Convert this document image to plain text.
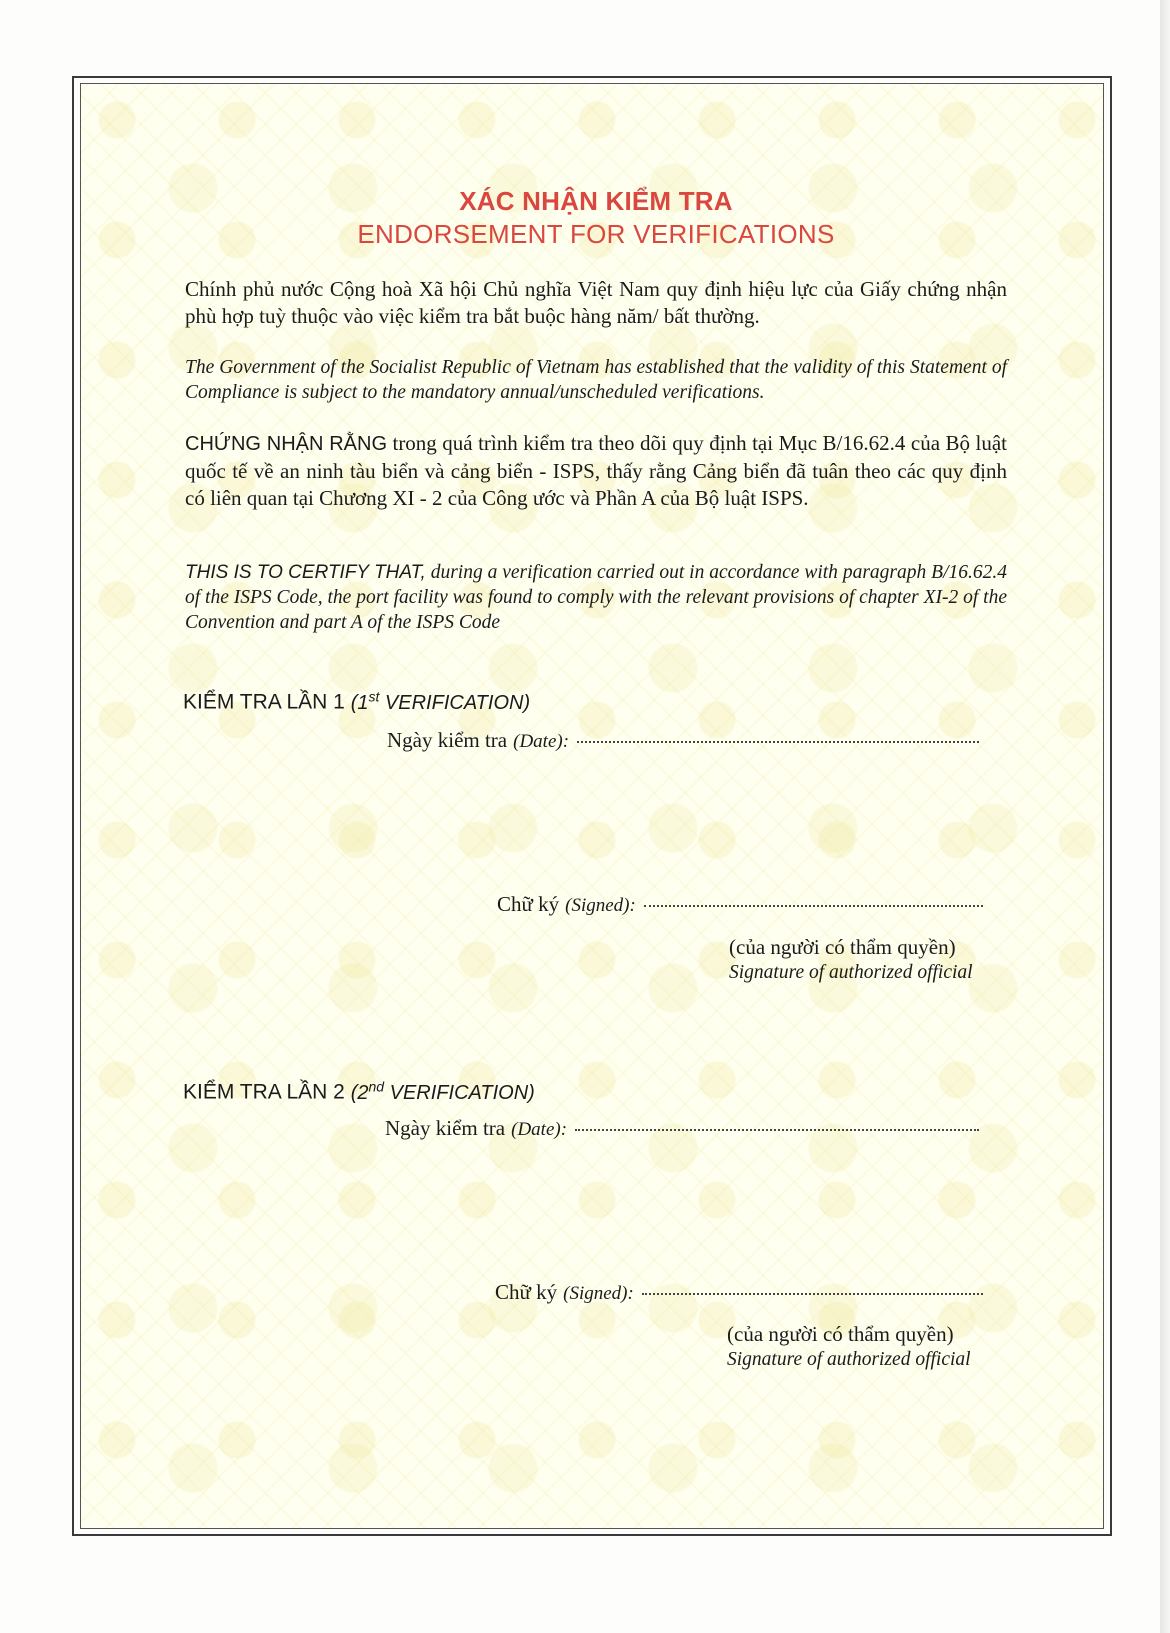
XÁC NHẬN KIỂM TRA
ENDORSEMENT FOR VERIFICATIONS

Chính phủ nước Cộng hoà Xã hội Chủ nghĩa Việt Nam quy định hiệu lực của Giấy chứng nhận phù hợp tuỳ thuộc vào việc kiểm tra bắt buộc hàng năm/ bất thường.

The Government of the Socialist Republic of Vietnam has established that the validity of this Statement of Compliance is subject to the mandatory annual/unscheduled verifications.

CHỨNG NHẬN RẰNG trong quá trình kiểm tra theo dõi quy định tại Mục B/16.62.4 của Bộ luật quốc tế về an ninh tàu biển và cảng biển - ISPS, thấy rằng Cảng biển đã tuân theo các quy định có liên quan tại Chương XI - 2 của Công ước và Phần A của Bộ luật ISPS.

THIS IS TO CERTIFY THAT, during a verification carried out in accordance with paragraph B/16.62.4 of the ISPS Code, the port facility was found to comply with the relevant provisions of chapter XI-2 of the Convention and part A of the ISPS Code

KIỂM TRA LẦN 1 (1st VERIFICATION)
Ngày kiểm tra (Date):
Chữ ký (Signed):
(của người có thẩm quyền)
Signature of authorized official
KIỂM TRA LẦN 2 (2nd VERIFICATION)
Ngày kiểm tra (Date):
Chữ ký (Signed):
(của người có thẩm quyền)
Signature of authorized official
